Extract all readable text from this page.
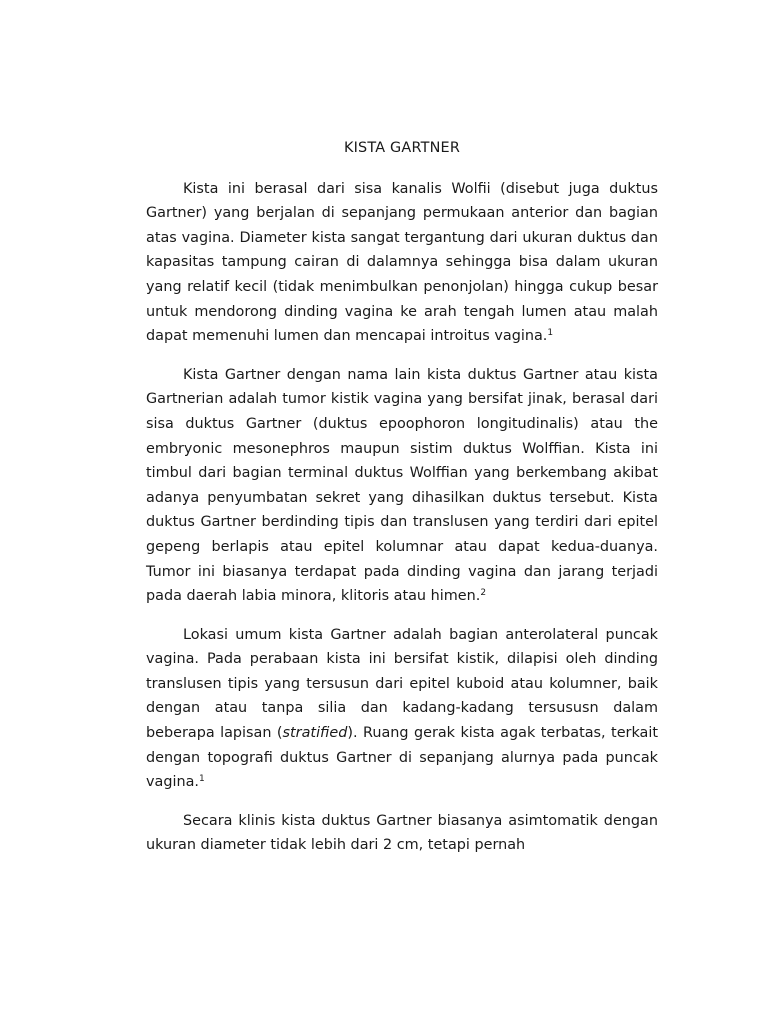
KISTA GARTNER

Kista ini berasal dari sisa kanalis Wolfii (disebut juga duktus Gartner) yang berjalan di sepanjang permukaan anterior dan bagian atas vagina. Diameter kista sangat tergantung dari ukuran duktus dan kapasitas tampung cairan di dalamnya sehingga bisa dalam ukuran yang relatif kecil (tidak menimbulkan penonjolan) hingga cukup besar untuk mendorong dinding vagina ke arah tengah lumen atau malah dapat memenuhi lumen dan mencapai introitus vagina.$^1$

Kista Gartner dengan nama lain kista duktus Gartner atau kista Gartnerian adalah tumor kistik vagina yang bersifat jinak, berasal dari sisa duktus Gartner (duktus epoophoron longitudinalis) atau the embryonic mesonephros maupun sistim duktus Wolffian. Kista ini timbul dari bagian terminal duktus Wolffian yang berkembang akibat adanya penyumbatan sekret yang dihasilkan duktus tersebut. Kista duktus Gartner berdinding tipis dan translusen yang terdiri dari epitel gepeng berlapis atau epitel kolumnar atau dapat kedua-duanya. Tumor ini biasanya terdapat pada dinding vagina dan jarang terjadi pada daerah labia minora, klitoris atau himen.$^2$

Lokasi umum kista Gartner adalah bagian anterolateral puncak vagina. Pada perabaan kista ini bersifat kistik, dilapisi oleh dinding translusen tipis yang tersusun dari epitel kuboid atau kolumner, baik dengan atau tanpa silia dan kadang-kadang tersususn dalam beberapa lapisan (stratified). Ruang gerak kista agak terbatas, terkait dengan topografi duktus Gartner di sepanjang alurnya pada puncak vagina.$^1$

Secara klinis kista duktus Gartner biasanya asimtomatik dengan ukuran diameter tidak lebih dari 2 cm, tetapi pernah
